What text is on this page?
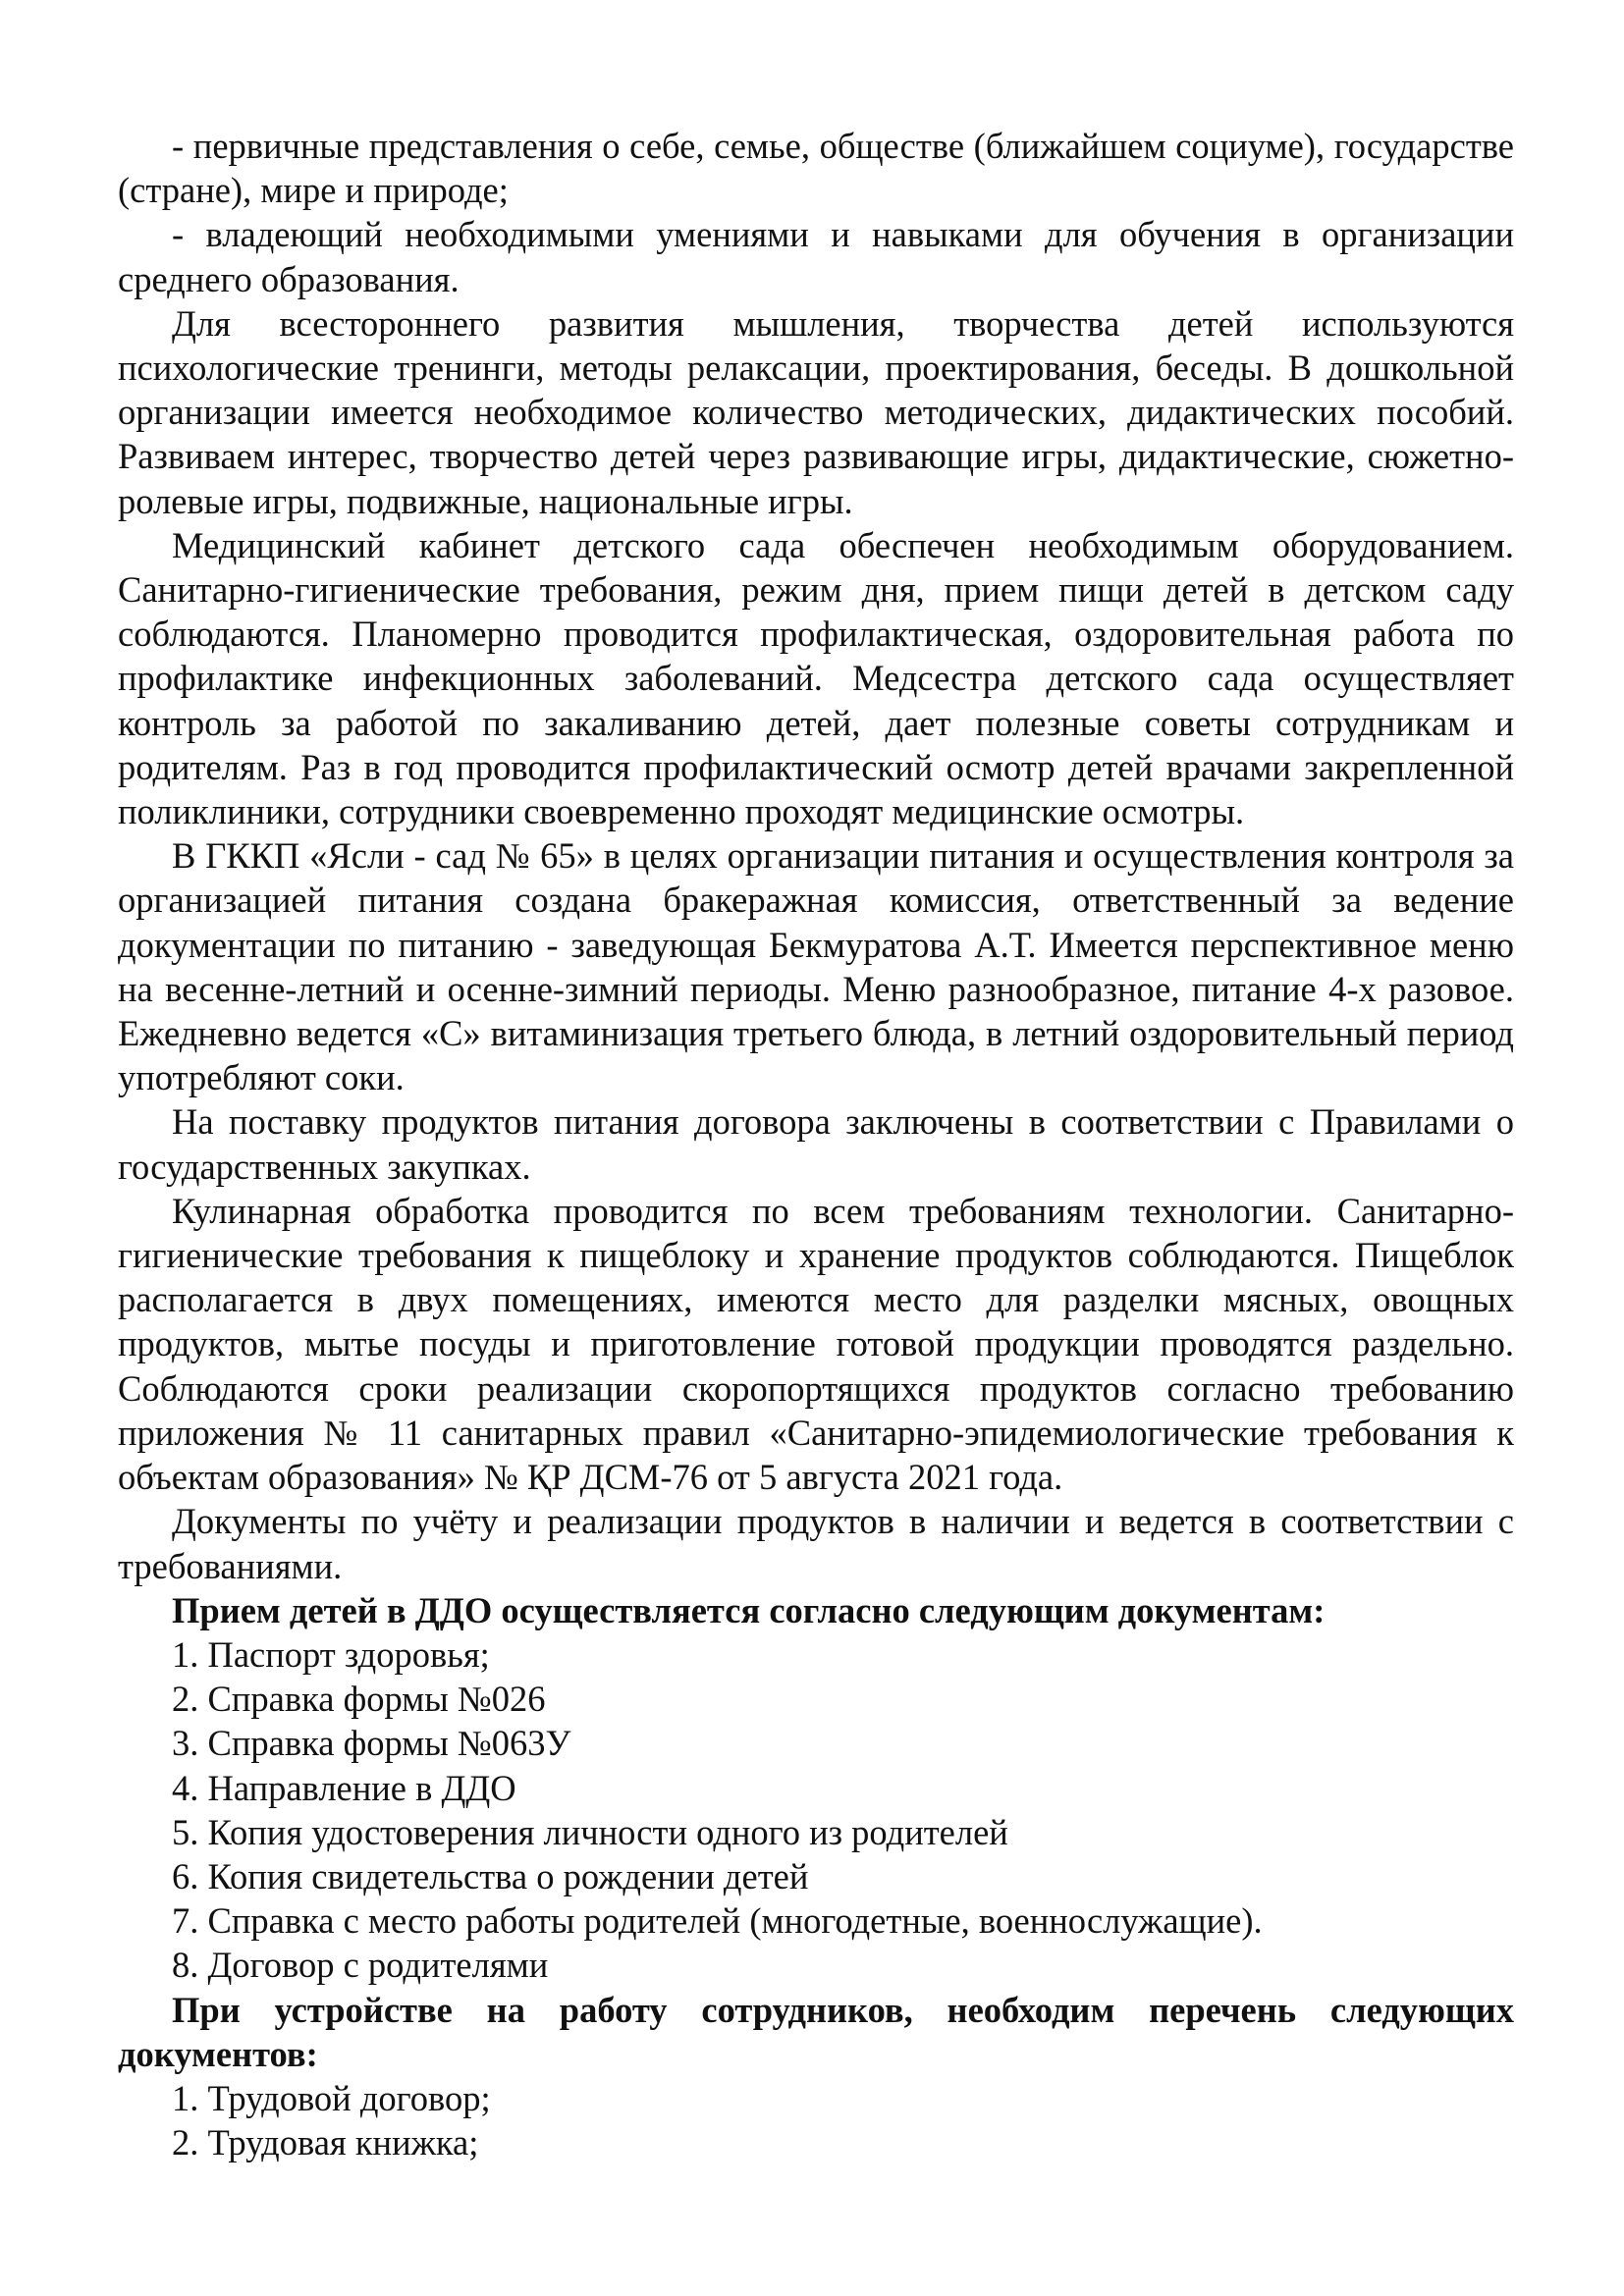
- первичные представления о себе, семье, обществе (ближайшем социуме), государстве (стране), мире и природе;

- владеющий необходимыми умениями и навыками для обучения в организации среднего образования.

Для всестороннего развития мышления, творчества детей используются психологические тренинги, методы релаксации, проектирования, беседы. В дошкольной организации имеется необходимое количество методических, дидактических пособий. Развиваем интерес, творчество детей через развивающие игры, дидактические, сюжетно-ролевые игры, подвижные, национальные игры.

Медицинский кабинет детского сада обеспечен необходимым оборудованием. Санитарно-гигиенические требования, режим дня, прием пищи детей в детском саду соблюдаются. Планомерно проводится профилактическая, оздоровительная работа по профилактике инфекционных заболеваний. Медсестра детского сада осуществляет контроль за работой по закаливанию детей, дает полезные советы сотрудникам и родителям. Раз в год проводится профилактический осмотр детей врачами закрепленной поликлиники, сотрудники своевременно проходят медицинские осмотры.

В ГККП «Ясли - сад № 65» в целях организации питания и осуществления контроля за организацией питания создана бракеражная комиссия, ответственный за ведение документации по питанию - заведующая Бекмуратова А.Т. Имеется перспективное меню на весенне-летний и осенне-зимний периоды. Меню разнообразное, питание 4-х разовое. Ежедневно ведется «С» витаминизация третьего блюда, в летний оздоровительный период употребляют соки.

На поставку продуктов питания договора заключены в соответствии с Правилами о государственных закупках.

Кулинарная обработка проводится по всем требованиям технологии. Санитарно-гигиенические требования к пищеблоку и хранение продуктов соблюдаются. Пищеблок располагается в двух помещениях, имеются место для разделки мясных, овощных продуктов, мытье посуды и приготовление готовой продукции проводятся раздельно. Соблюдаются сроки реализации скоропортящихся продуктов согласно требованию приложения № 11 санитарных правил «Санитарно-эпидемиологические требования к объектам образования» № ҚР ДСМ-76 от 5 августа 2021 года.

Документы по учёту и реализации продуктов в наличии и ведется в соответствии с требованиями.

Прием детей в ДДО осуществляется согласно следующим документам:

1. Паспорт здоровья;
2. Справка формы №026
3. Справка формы №063У
4. Направление в ДДО
5. Копия удостоверения личности одного из родителей
6. Копия свидетельства о рождении детей
7. Справка с место работы родителей (многодетные, военнослужащие).
8. Договор с родителями

При устройстве на работу сотрудников, необходим перечень следующих документов:

1. Трудовой договор;
2. Трудовая книжка;
